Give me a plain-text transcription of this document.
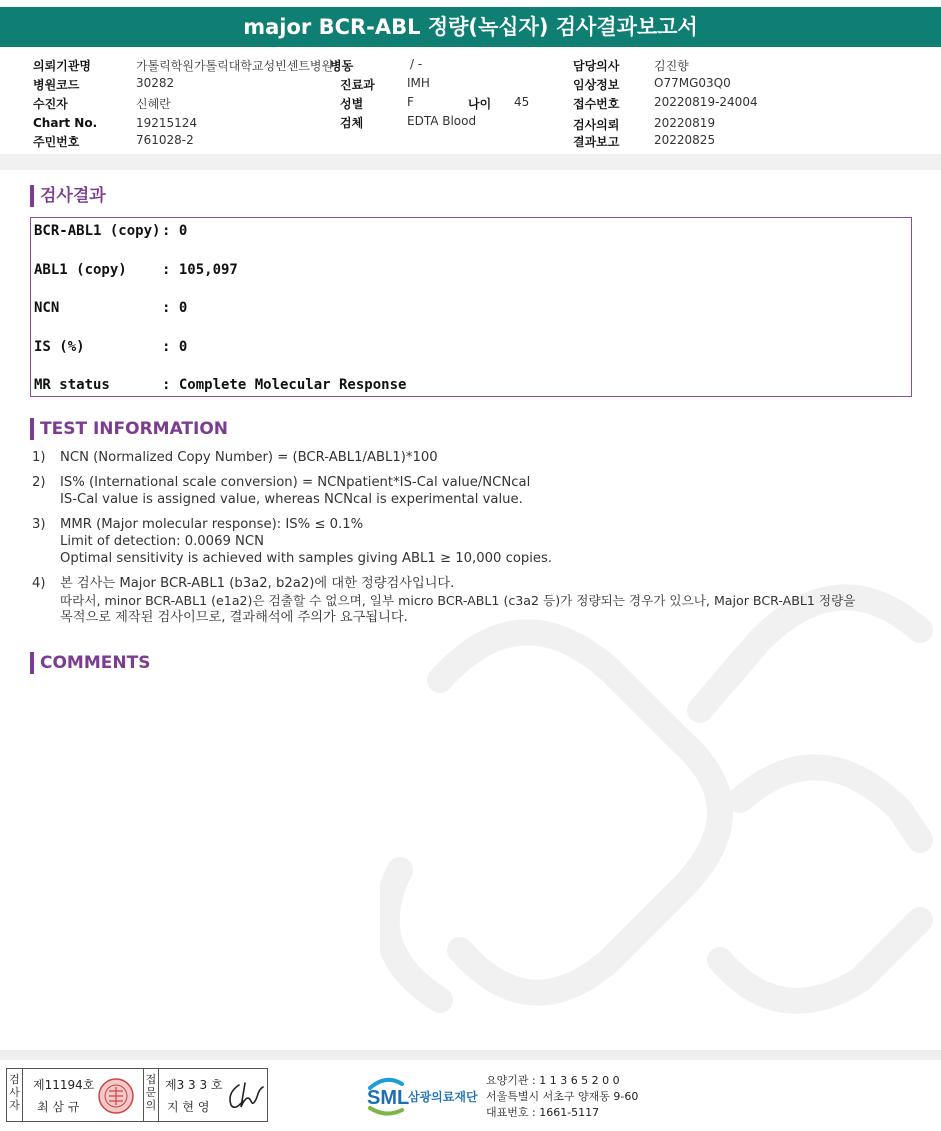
major BCR-ABL 정량(녹십자) 검사결과보고서
의뢰기관명	가톨릭학원가톨릭대학교성빈센트병원
병동	/ -	담당의사	김진향
병원코드	30282	진료과	IMH	임상정보	O77MG03Q0
수진자	신혜란	성별	F	나이 45	접수번호	20220819-24004
Chart No.	19215124	검체	EDTA Blood	검사의뢰	20220819
주민번호	761028-2	결과보고	20220825
검사결과
BCR-ABL1 (copy) : 0
ABL1 (copy)	: 105,097
NCN	: 0
IS (%)	: 0
MR status	: Complete Molecular Response
TEST INFORMATION
1) NCN (Normalized Copy Number) = (BCR-ABL1/ABL1)*100
2) IS% (International scale conversion) = NCNpatient*IS-Cal value/NCNcal
IS-Cal value is assigned value, whereas NCNcal is experimental value.
3) MMR (Major molecular response): IS% ≤ 0.1%
Limit of detection: 0.0069 NCN
Optimal sensitivity is achieved with samples giving ABL1 ≥ 10,000 copies.
4) 본 검사는 Major BCR-ABL1 (b3a2, b2a2)에 대한 정량검사입니다.
따라서, minor BCR-ABL1 (e1a2)은 검출할 수 없으며, 일부 micro BCR-ABL1 (c3a2 등)가 정량되는 경우가 있으나, Major BCR-ABL1 정량을
목적으로 제작된 검사이므로, 결과해석에 주의가 요구됩니다.
COMMENTS
검
사
자
제11194호
최 삼 규
접
문
의
제3 3 3 호
지 현 영	SML
삼광의료재단
요양기관 : 1 1 3 6 5 2 0 0
서울특별시 서초구 양재동 9-60
대표번호 : 1661-5117
